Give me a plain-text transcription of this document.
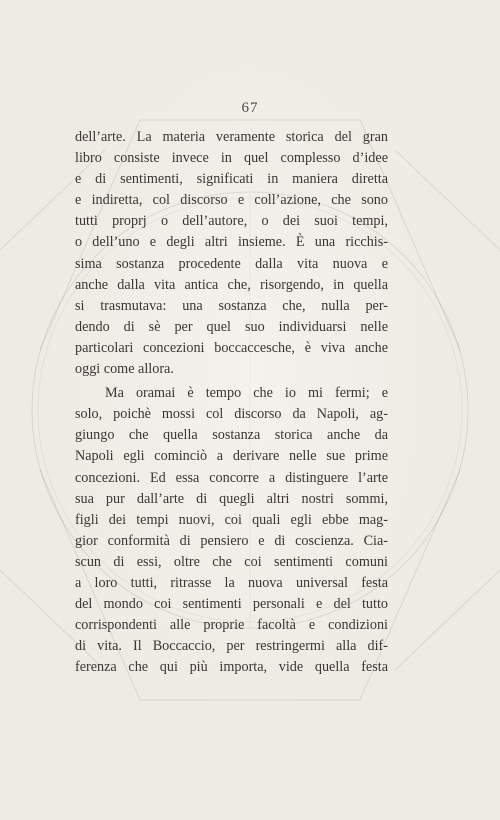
67
dell’arte. La materia veramente storica del gran
libro consiste invece in quel complesso d’idee
e di sentimenti, significati in maniera diretta
e indiretta, col discorso e coll’azione, che sono
tutti proprj o dell’autore, o dei suoi tempi,
o dell’uno e degli altri insieme. È una ricchis-
sima sostanza procedente dalla vita nuova e
anche dalla vita antica che, risorgendo, in quella
si trasmutava: una sostanza che, nulla per-
dendo di sè per quel suo individuarsi nelle
particolari concezioni boccaccesche, è viva anche
oggi come allora.
Ma oramai è tempo che io mi fermi; e
solo, poichè mossi col discorso da Napoli, ag-
giungo che quella sostanza storica anche da
Napoli egli cominciò a derivare nelle sue prime
concezioni. Ed essa concorre a distinguere l’arte
sua pur dall’arte di quegli altri nostri sommi,
figli dei tempi nuovi, coi quali egli ebbe mag-
gior conformità di pensiero e di coscienza. Cia-
scun di essi, oltre che coi sentimenti comuni
a loro tutti, ritrasse la nuova universal festa
del mondo coi sentimenti personali e del tutto
corrispondenti alle proprie facoltà e condizioni
di vita. Il Boccaccio, per restringermi alla dif-
ferenza che qui più importa, vide quella festa
